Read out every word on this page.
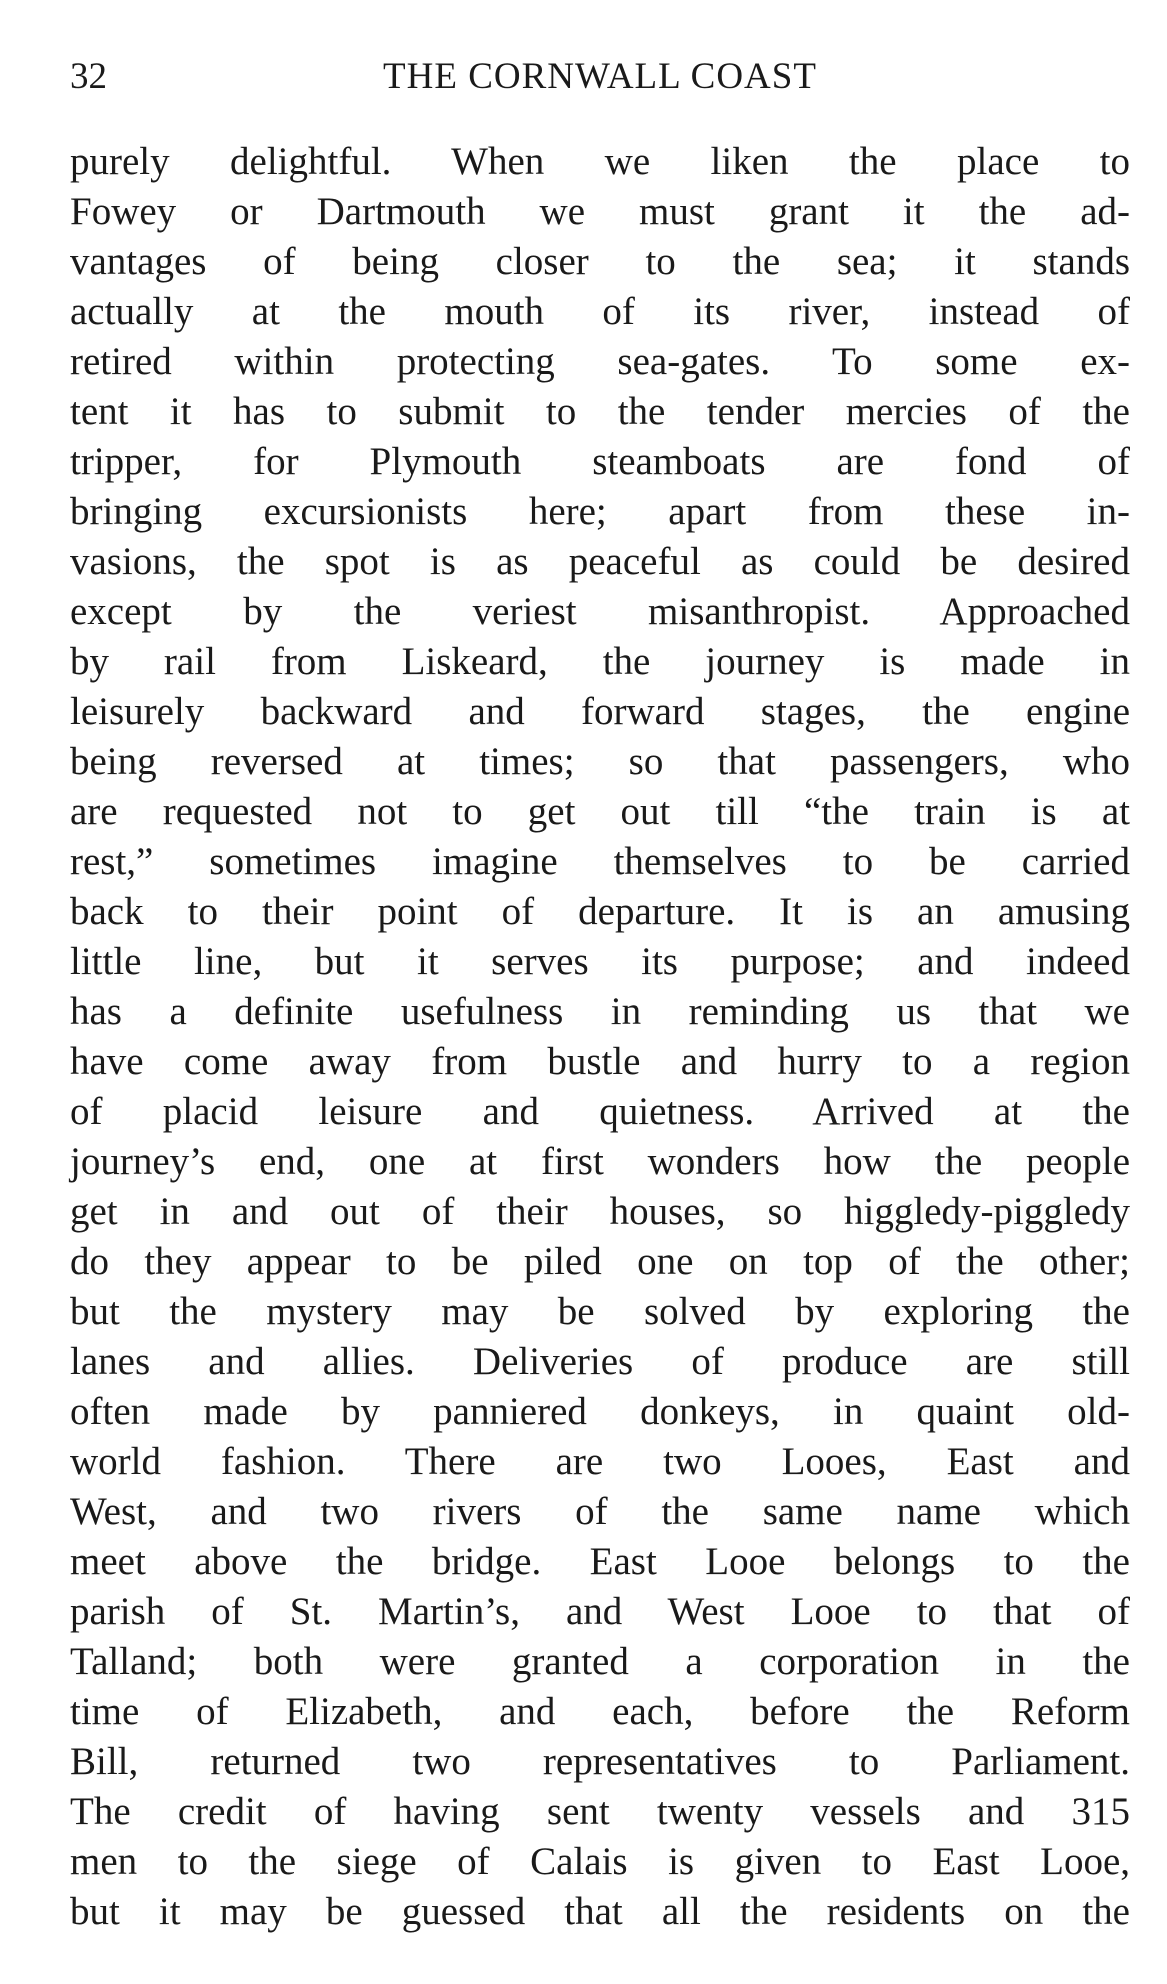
32	THE CORNWALL COAST
purely delightful. When we liken the place to
Fowey or Dartmouth we must grant it the ad-
vantages of being closer to the sea; it stands
actually at the mouth of its river, instead of
retired within protecting sea-gates. To some ex-
tent it has to submit to the tender mercies of the
tripper, for Plymouth steamboats are fond of
bringing excursionists here; apart from these in-
vasions, the spot is as peaceful as could be desired
except by the veriest misanthropist. Approached
by rail from Liskeard, the journey is made in
leisurely backward and forward stages, the engine
being reversed at times; so that passengers, who
are requested not to get out till “the train is at
rest,” sometimes imagine themselves to be carried
back to their point of departure. It is an amusing
little line, but it serves its purpose; and indeed
has a definite usefulness in reminding us that we
have come away from bustle and hurry to a region
of placid leisure and quietness. Arrived at the
journey’s end, one at first wonders how the people
get in and out of their houses, so higgledy-piggledy
do they appear to be piled one on top of the other;
but the mystery may be solved by exploring the
lanes and allies. Deliveries of produce are still
often made by panniered donkeys, in quaint old-
world fashion. There are two Looes, East and
West, and two rivers of the same name which
meet above the bridge. East Looe belongs to the
parish of St. Martin’s, and West Looe to that of
Talland; both were granted a corporation in the
time of Elizabeth, and each, before the Reform
Bill, returned two representatives to Parliament.
The credit of having sent twenty vessels and 315
men to the siege of Calais is given to East Looe,
but it may be guessed that all the residents on the
